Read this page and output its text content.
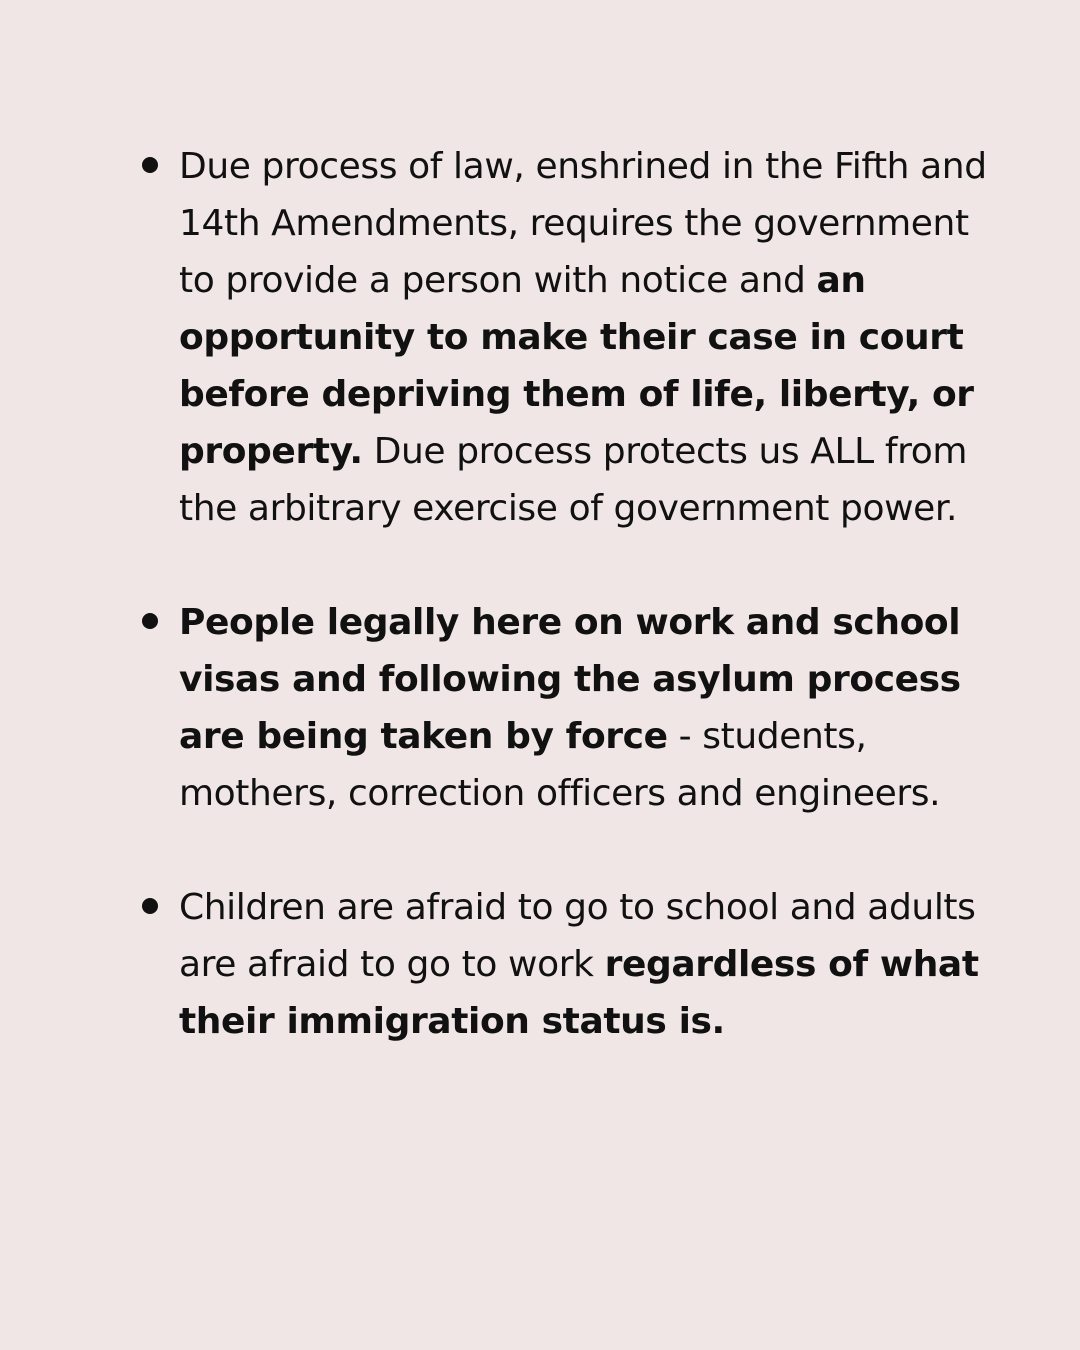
Due process of law, enshrined in the Fifth and 14th Amendments, requires the government to provide a person with notice and an opportunity to make their case in court before depriving them of life, liberty, or property. Due process protects us ALL from the arbitrary exercise of government power.
People legally here on work and school visas and following the asylum process are being taken by force - students, mothers, correction officers and engineers.
Children are afraid to go to school and adults are afraid to go to work regardless of what their immigration status is.
